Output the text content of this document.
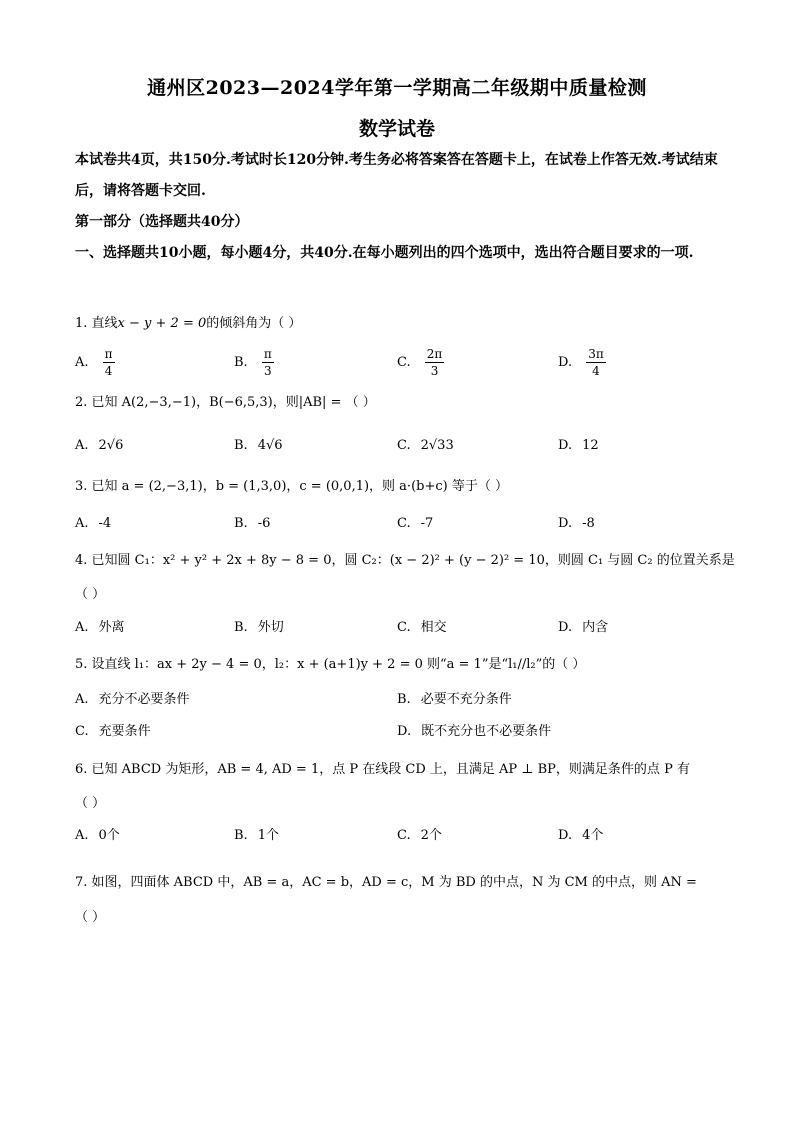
通州区2023—2024学年第一学期高二年级期中质量检测
数学试卷
本试卷共4页，共150分.考试时长120分钟.考生务必将答案答在答题卡上，在试卷上作答无效.考试结束后，请将答题卡交回.
第一部分（选择题共40分）
一、选择题共10小题，每小题4分，共40分.在每小题列出的四个选项中，选出符合题目要求的一项.
1. 直线x − y + 2 = 0的倾斜角为（ ）
A. $\frac{\pi}{4}$	B. $\frac{\pi}{3}$	C. $\frac{2\pi}{3}$	D. $\frac{3\pi}{4}$
2. 已知 A(2,−3,−1)，B(−6,5,3)，则|AB| = （ ）
A. 2√6	B. 4√6	C. 2√33	D. 12
3. 已知 a = (2,−3,1)，b = (1,3,0)，c = (0,0,1)，则 a·(b+c) 等于（ ）
A. -4	B. -6	C. -7	D. -8
4. 已知圆 C₁：x² + y² + 2x + 8y − 8 = 0，圆 C₂：(x − 2)² + (y − 2)² = 10，则圆 C₁ 与圆 C₂ 的位置关系是
（ ）
A. 外离	B. 外切	C. 相交	D. 内含
5. 设直线 l₁：ax + 2y − 4 = 0，l₂：x + (a+1)y + 2 = 0 则“a = 1”是“l₁//l₂”的（ ）
A. 充分不必要条件	B. 必要不充分条件
C. 充要条件	D. 既不充分也不必要条件
6. 已知 ABCD 为矩形，AB = 4, AD = 1，点 P 在线段 CD 上，且满足 AP ⊥ BP，则满足条件的点 P 有
（ ）
A. 0个	B. 1个	C. 2个	D. 4个
7. 如图，四面体 ABCD 中，AB = a，AC = b，AD = c，M 为 BD 的中点，N 为 CM 的中点，则 AN =
（ ）
